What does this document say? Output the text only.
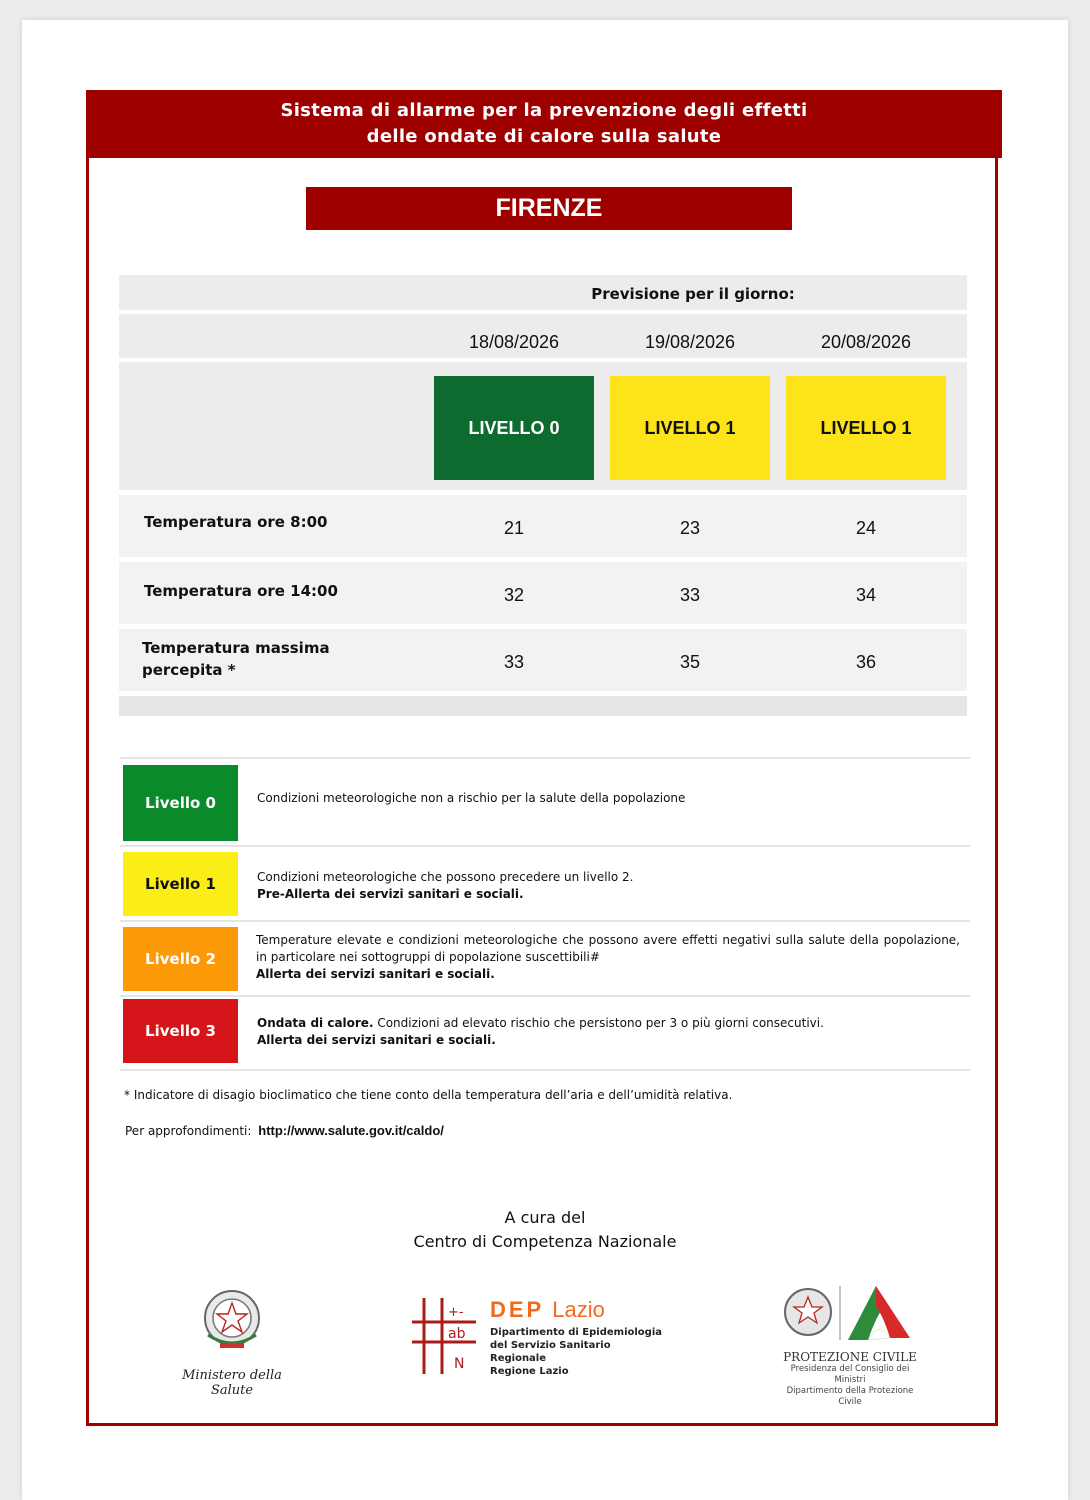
Sistema di allarme per la prevenzione degli effetti
delle ondate di calore sulla salute
FIRENZE
Previsione per il giorno:
18/08/2026	19/08/2026	20/08/2026
LIVELLO 0	LIVELLO 1	LIVELLO 1
Temperatura ore 8:00	21	23	24
Temperatura ore 14:00	32	33	34
Temperatura massima
percepita *	33	35	36
Livello 0	Condizioni meteorologiche non a rischio per la salute della popolazione
Livello 1	Condizioni meteorologiche che possono precedere un livello 2.
Pre-Allerta dei servizi sanitari e sociali.
Livello 2
Temperature elevate e condizioni meteorologiche che possono avere effetti negativi sulla salute della popolazione, in particolare nei sottogruppi di popolazione suscettibili#
Allerta dei servizi sanitari e sociali.
Livello 3	Ondata di calore. Condizioni ad elevato rischio che persistono per 3 o più giorni consecutivi.
Allerta dei servizi sanitari e sociali.
* Indicatore di disagio bioclimatico che tiene conto della temperatura dell’aria e dell’umidità relativa.
Per approfondimenti: http://www.salute.gov.it/caldo/
A cura del
Centro di Competenza Nazionale
Ministero della Salute
+-
ab
N
DEP Lazio
Dipartimento di Epidemiologia
del Servizio Sanitario Regionale
Regione Lazio
PROTEZIONE CIVILE
Presidenza del Consiglio dei Ministri
Dipartimento della Protezione Civile
